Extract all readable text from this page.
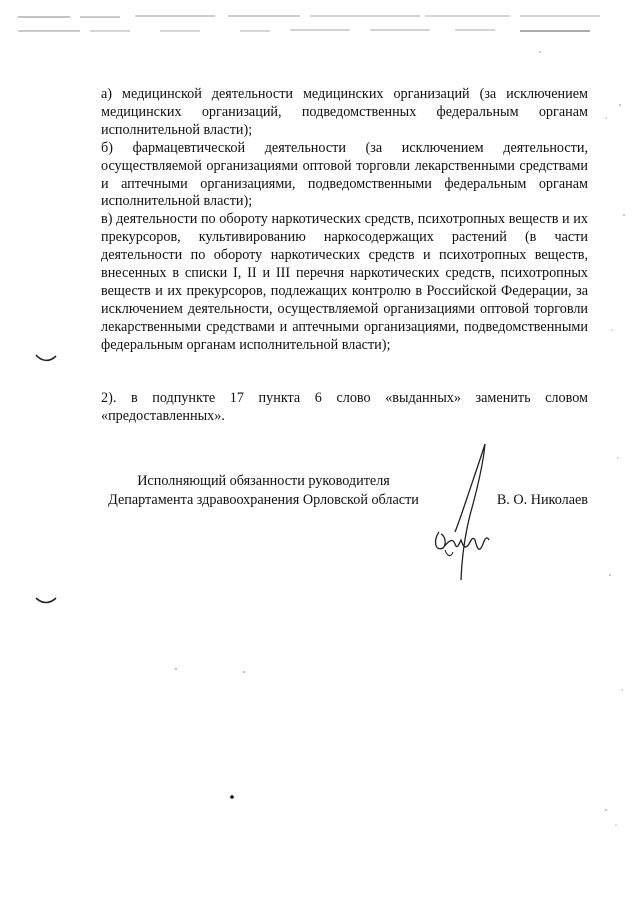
а) медицинской деятельности медицинских организаций (за исключением медицинских организаций, подведомственных федеральным органам исполнительной власти);

б) фармацевтической деятельности (за исключением деятельности, осуществляемой организациями оптовой торговли лекарственными средствами и аптечными организациями, подведомственными федеральным органам исполнительной власти);

в) деятельности по обороту наркотических средств, психотропных веществ и их прекурсоров, культивированию наркосодержащих растений (в части деятельности по обороту наркотических средств и психотропных веществ, внесенных в списки I, II и III перечня наркотических средств, психотропных веществ и их прекурсоров, подлежащих контролю в Российской Федерации, за исключением деятельности, осуществляемой организациями оптовой торговли лекарственными средствами и аптечными организациями, подведомственными федеральным органам исполнительной власти);

2). в подпункте 17 пункта 6 слово «выданных» заменить словом «предоставленных».

Исполняющий обязанности руководителя
Департамента здравоохранения Орловской области	В. О. Николаев
